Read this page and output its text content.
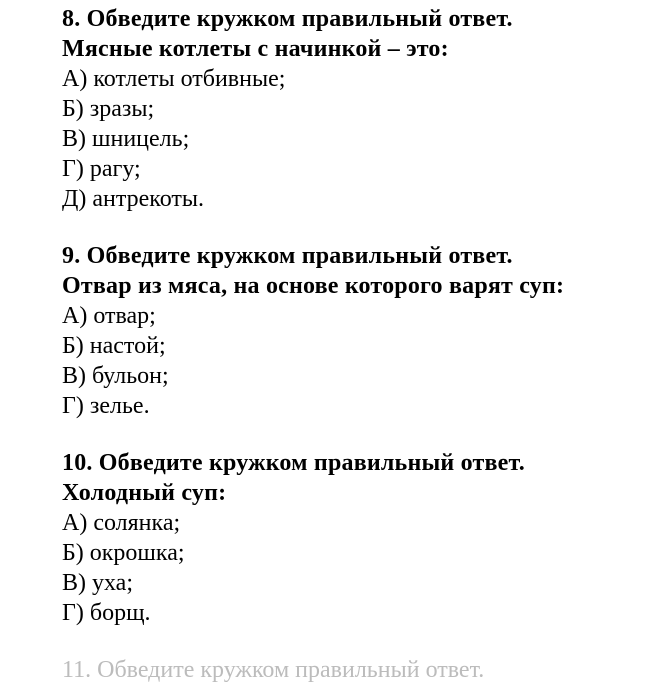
8. Обведите кружком правильный ответ.
Мясные котлеты с начинкой – это:
А) котлеты отбивные;
Б) зразы;
В) шницель;
Г) рагу;
Д) антрекоты.
9. Обведите кружком правильный ответ.
Отвар из мяса, на основе которого варят суп:
А) отвар;
Б) настой;
В) бульон;
Г) зелье.
10. Обведите кружком правильный ответ.
Холодный суп:
А) солянка;
Б) окрошка;
В) уха;
Г) борщ.
11. Обведите кружком правильный ответ.
